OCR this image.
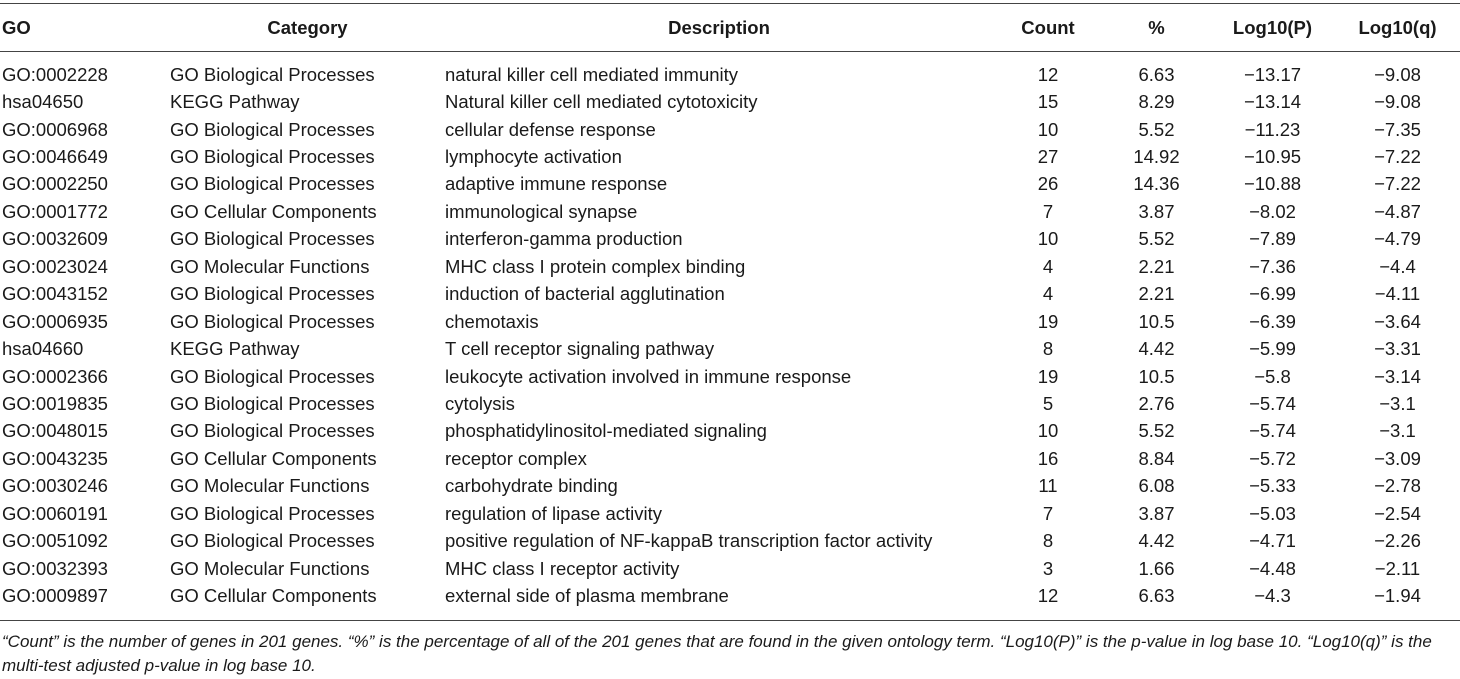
GO	Category	Description	Count	%	Log10(P)	Log10(q)
GO:0002228	GO Biological Processes	natural killer cell mediated immunity	12	6.63	−13.17	−9.08
hsa04650	KEGG Pathway	Natural killer cell mediated cytotoxicity	15	8.29	−13.14	−9.08
GO:0006968	GO Biological Processes	cellular defense response	10	5.52	−11.23	−7.35
GO:0046649	GO Biological Processes	lymphocyte activation	27	14.92	−10.95	−7.22
GO:0002250	GO Biological Processes	adaptive immune response	26	14.36	−10.88	−7.22
GO:0001772	GO Cellular Components	immunological synapse	7	3.87	−8.02	−4.87
GO:0032609	GO Biological Processes	interferon-gamma production	10	5.52	−7.89	−4.79
GO:0023024	GO Molecular Functions	MHC class I protein complex binding	4	2.21	−7.36	−4.4
GO:0043152	GO Biological Processes	induction of bacterial agglutination	4	2.21	−6.99	−4.11
GO:0006935	GO Biological Processes	chemotaxis	19	10.5	−6.39	−3.64
hsa04660	KEGG Pathway	T cell receptor signaling pathway	8	4.42	−5.99	−3.31
GO:0002366	GO Biological Processes	leukocyte activation involved in immune response	19	10.5	−5.8	−3.14
GO:0019835	GO Biological Processes	cytolysis	5	2.76	−5.74	−3.1
GO:0048015	GO Biological Processes	phosphatidylinositol-mediated signaling	10	5.52	−5.74	−3.1
GO:0043235	GO Cellular Components	receptor complex	16	8.84	−5.72	−3.09
GO:0030246	GO Molecular Functions	carbohydrate binding	11	6.08	−5.33	−2.78
GO:0060191	GO Biological Processes	regulation of lipase activity	7	3.87	−5.03	−2.54
GO:0051092	GO Biological Processes	positive regulation of NF-kappaB transcription factor activity	8	4.42	−4.71	−2.26
GO:0032393	GO Molecular Functions	MHC class I receptor activity	3	1.66	−4.48	−2.11
GO:0009897	GO Cellular Components	external side of plasma membrane	12	6.63	−4.3	−1.94
“Count” is the number of genes in 201 genes. “%” is the percentage of all of the 201 genes that are found in the given ontology term. “Log10(P)” is the p-value in log base 10. “Log10(q)” is the multi-test adjusted p-value in log base 10.
